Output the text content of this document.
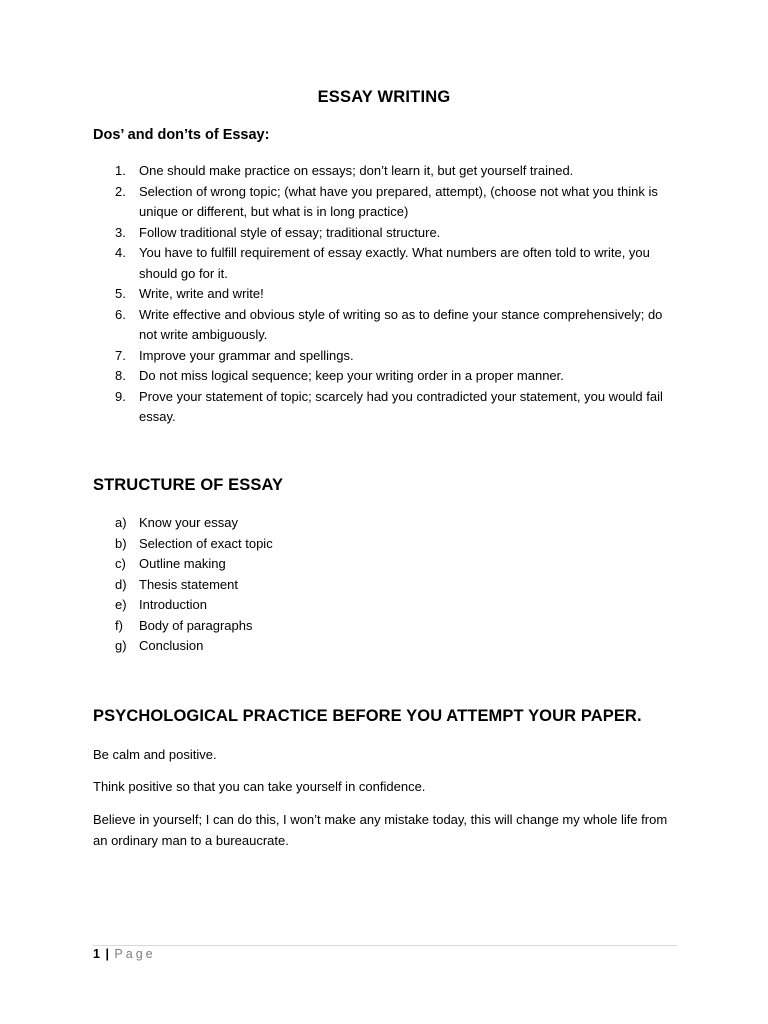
ESSAY WRITING
Dos’ and don’ts of Essay:
1. One should make practice on essays; don’t learn it, but get yourself trained.
2. Selection of wrong topic; (what have you prepared, attempt), (choose not what you think is unique or different, but what is in long practice)
3. Follow traditional style of essay; traditional structure.
4. You have to fulfill requirement of essay exactly. What numbers are often told to write, you should go for it.
5. Write, write and write!
6. Write effective and obvious style of writing so as to define your stance comprehensively; do not write ambiguously.
7. Improve your grammar and spellings.
8. Do not miss logical sequence; keep your writing order in a proper manner.
9. Prove your statement of topic; scarcely had you contradicted your statement, you would fail essay.
STRUCTURE OF ESSAY
a) Know your essay
b) Selection of exact topic
c) Outline making
d) Thesis statement
e) Introduction
f) Body of paragraphs
g) Conclusion
PSYCHOLOGICAL PRACTICE BEFORE YOU ATTEMPT YOUR PAPER.

Be calm and positive.

Think positive so that you can take yourself in confidence.

Believe in yourself; I can do this, I won’t make any mistake today, this will change my whole life from an ordinary man to a bureaucrate.

1 | Page
